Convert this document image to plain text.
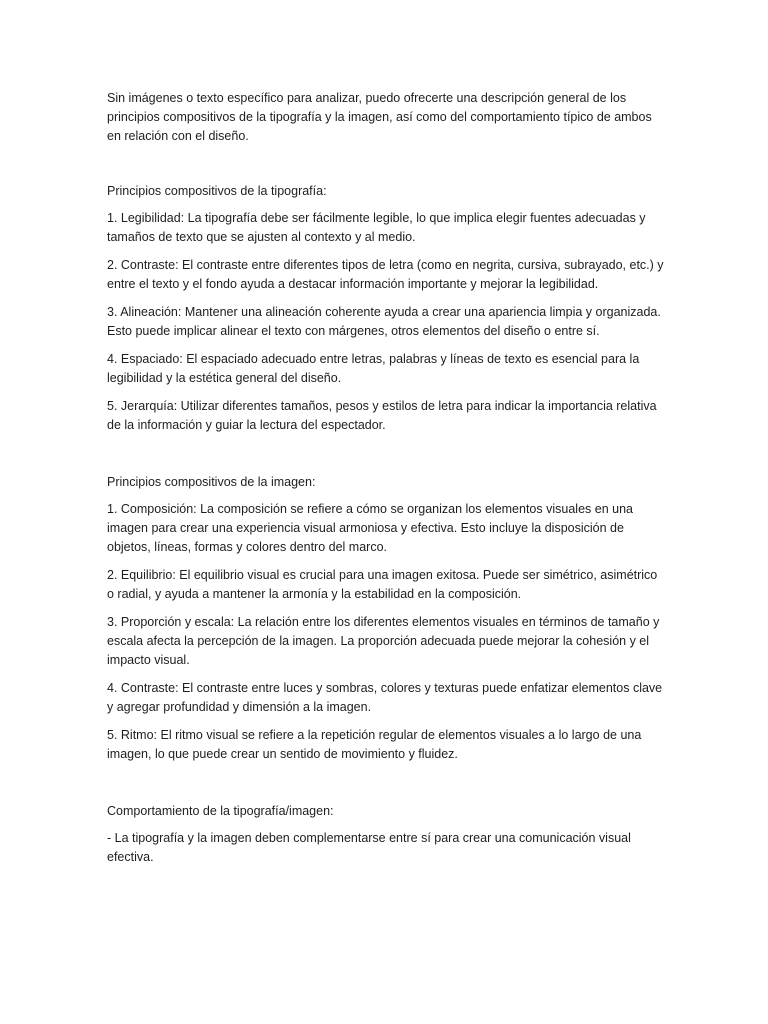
Sin imágenes o texto específico para analizar, puedo ofrecerte una descripción general de los principios compositivos de la tipografía y la imagen, así como del comportamiento típico de ambos en relación con el diseño.

Principios compositivos de la tipografía:

1. Legibilidad: La tipografía debe ser fácilmente legible, lo que implica elegir fuentes adecuadas y tamaños de texto que se ajusten al contexto y al medio.

2. Contraste: El contraste entre diferentes tipos de letra (como en negrita, cursiva, subrayado, etc.) y entre el texto y el fondo ayuda a destacar información importante y mejorar la legibilidad.

3. Alineación: Mantener una alineación coherente ayuda a crear una apariencia limpia y organizada. Esto puede implicar alinear el texto con márgenes, otros elementos del diseño o entre sí.

4. Espaciado: El espaciado adecuado entre letras, palabras y líneas de texto es esencial para la legibilidad y la estética general del diseño.

5. Jerarquía: Utilizar diferentes tamaños, pesos y estilos de letra para indicar la importancia relativa de la información y guiar la lectura del espectador.

Principios compositivos de la imagen:

1. Composición: La composición se refiere a cómo se organizan los elementos visuales en una imagen para crear una experiencia visual armoniosa y efectiva. Esto incluye la disposición de objetos, líneas, formas y colores dentro del marco.

2. Equilibrio: El equilibrio visual es crucial para una imagen exitosa. Puede ser simétrico, asimétrico o radial, y ayuda a mantener la armonía y la estabilidad en la composición.

3. Proporción y escala: La relación entre los diferentes elementos visuales en términos de tamaño y escala afecta la percepción de la imagen. La proporción adecuada puede mejorar la cohesión y el impacto visual.

4. Contraste: El contraste entre luces y sombras, colores y texturas puede enfatizar elementos clave y agregar profundidad y dimensión a la imagen.

5. Ritmo: El ritmo visual se refiere a la repetición regular de elementos visuales a lo largo de una imagen, lo que puede crear un sentido de movimiento y fluidez.

Comportamiento de la tipografía/imagen:

- La tipografía y la imagen deben complementarse entre sí para crear una comunicación visual efectiva.
